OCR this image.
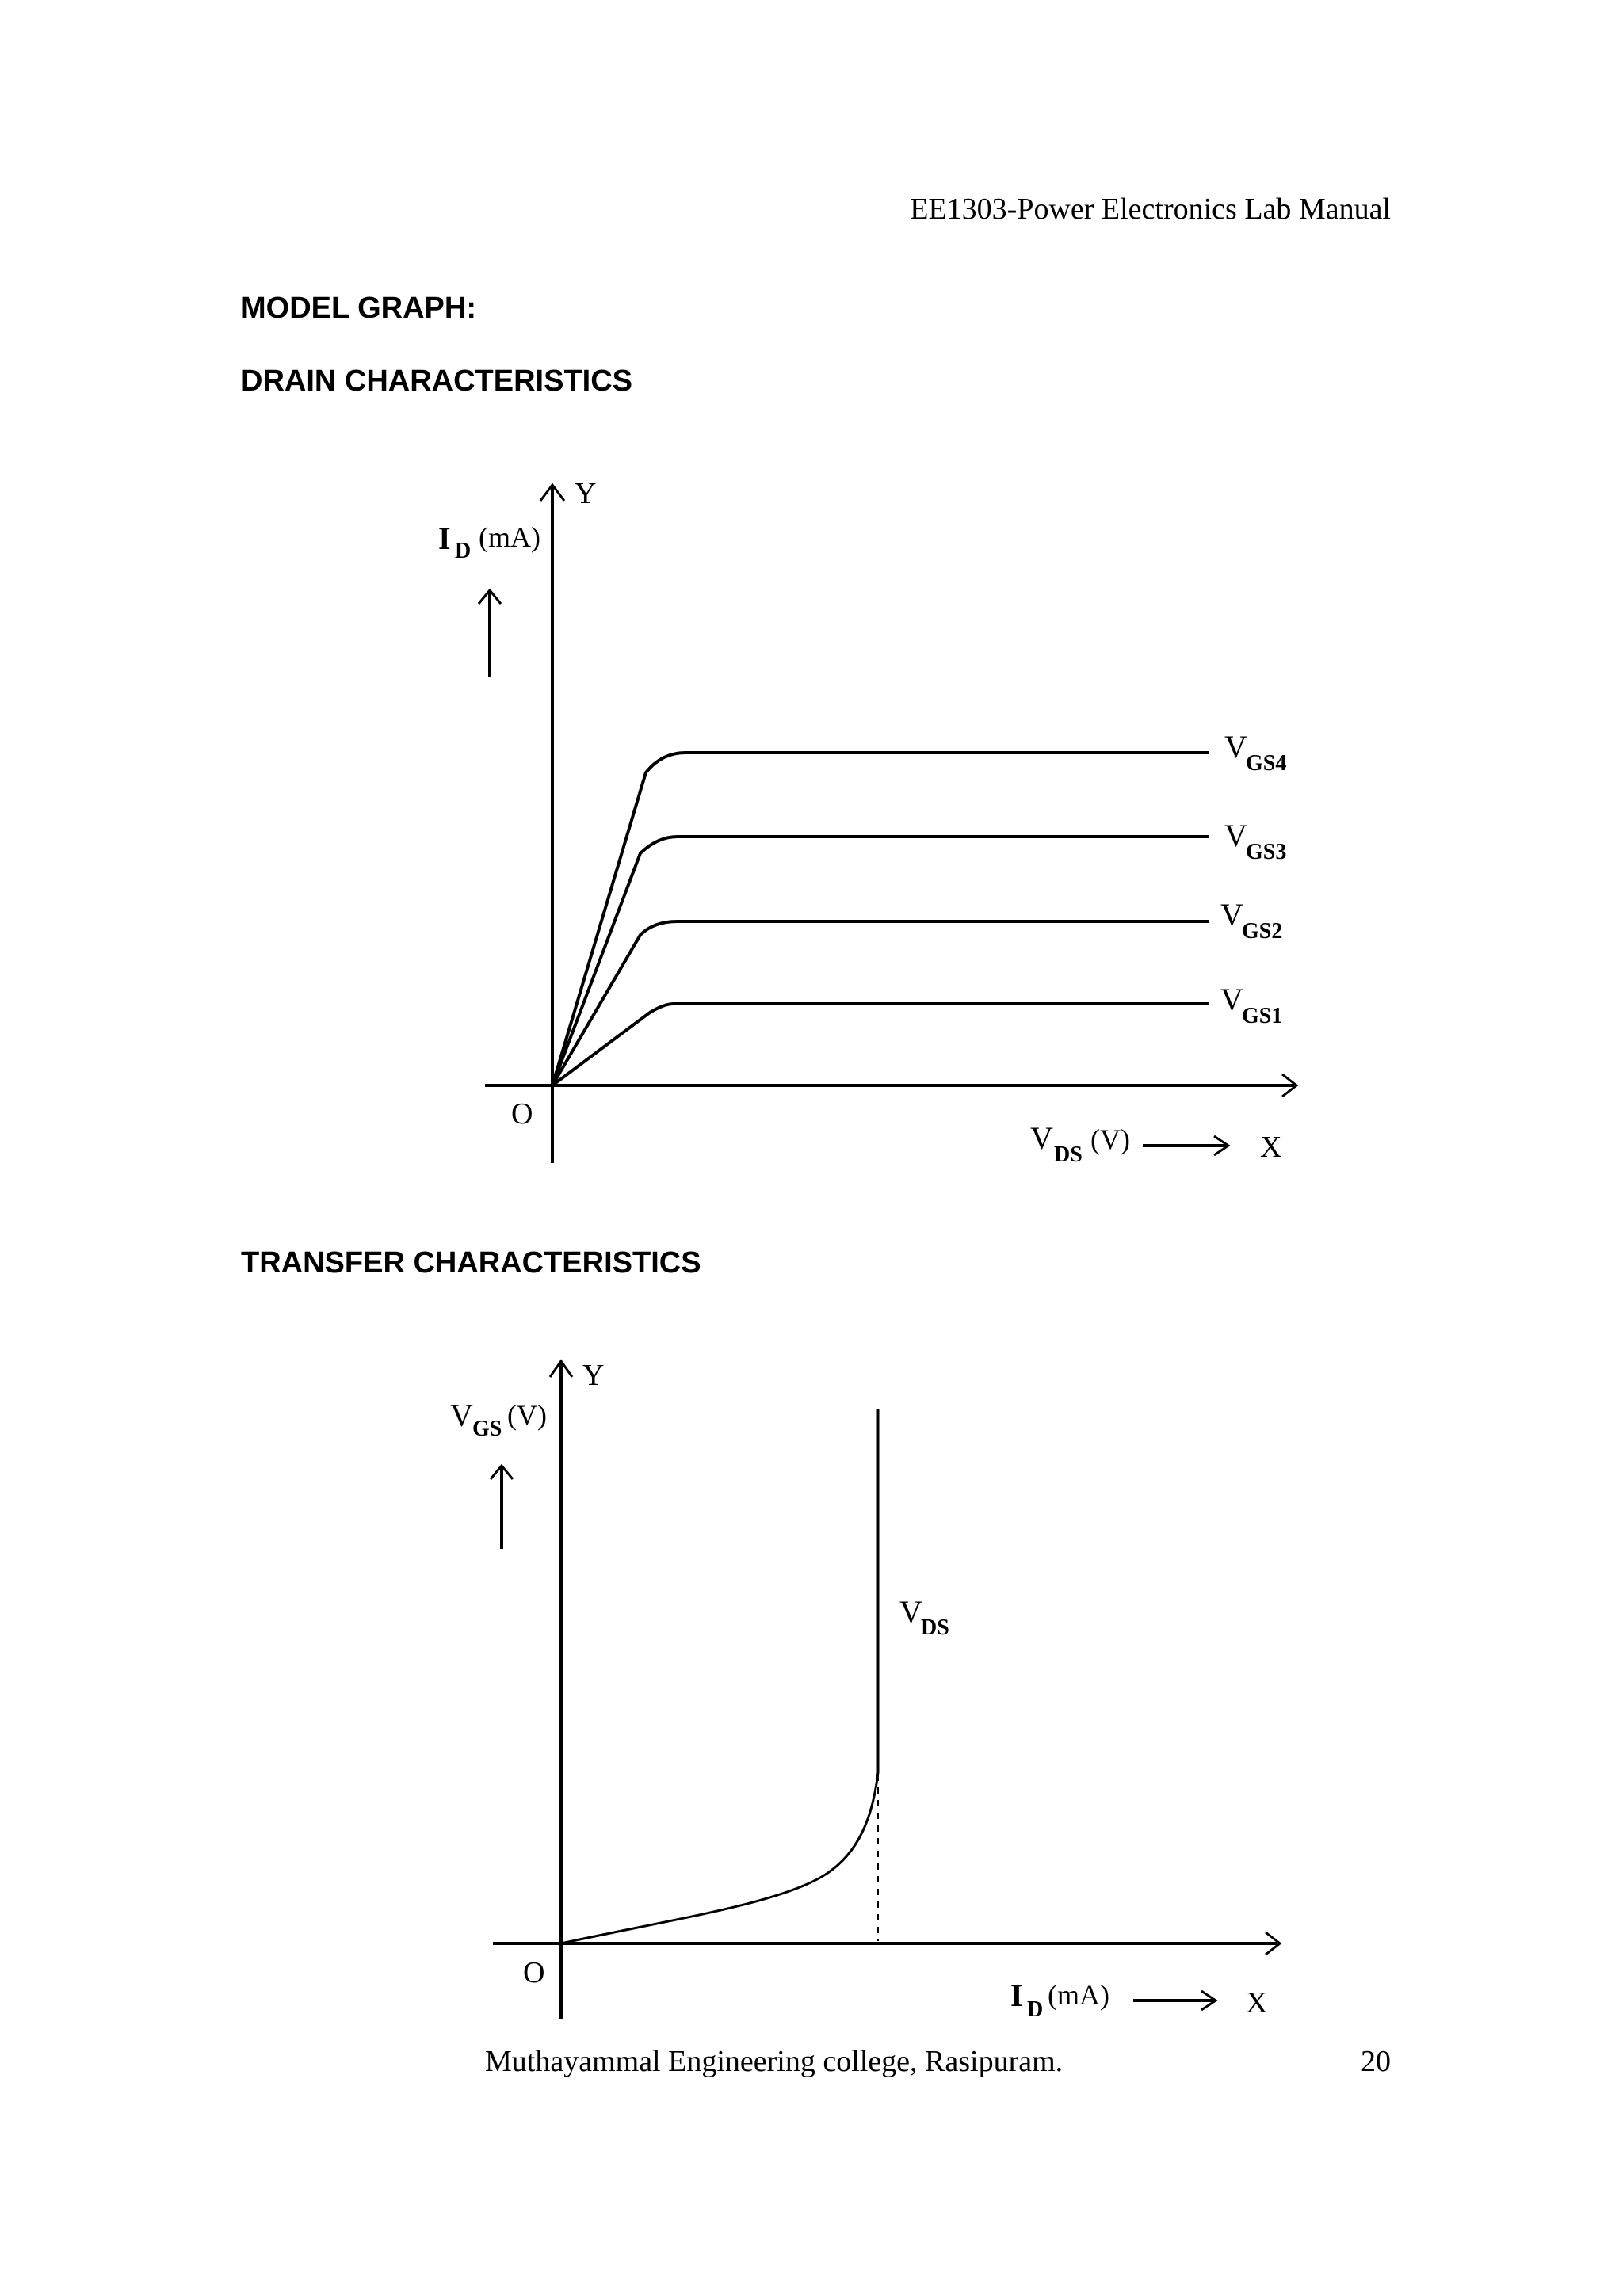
EE1303-Power Electronics Lab Manual
MODEL GRAPH:
DRAIN CHARACTERISTICS
Y
O
X
I D (mA)
V DS (V)
V
GS4
V
GS3
V
GS2
V
GS1
TRANSFER CHARACTERISTICS
Y
O
X
V GS (V)
I D (mA)
V
DS
Muthayammal Engineering college, Rasipuram.	20
